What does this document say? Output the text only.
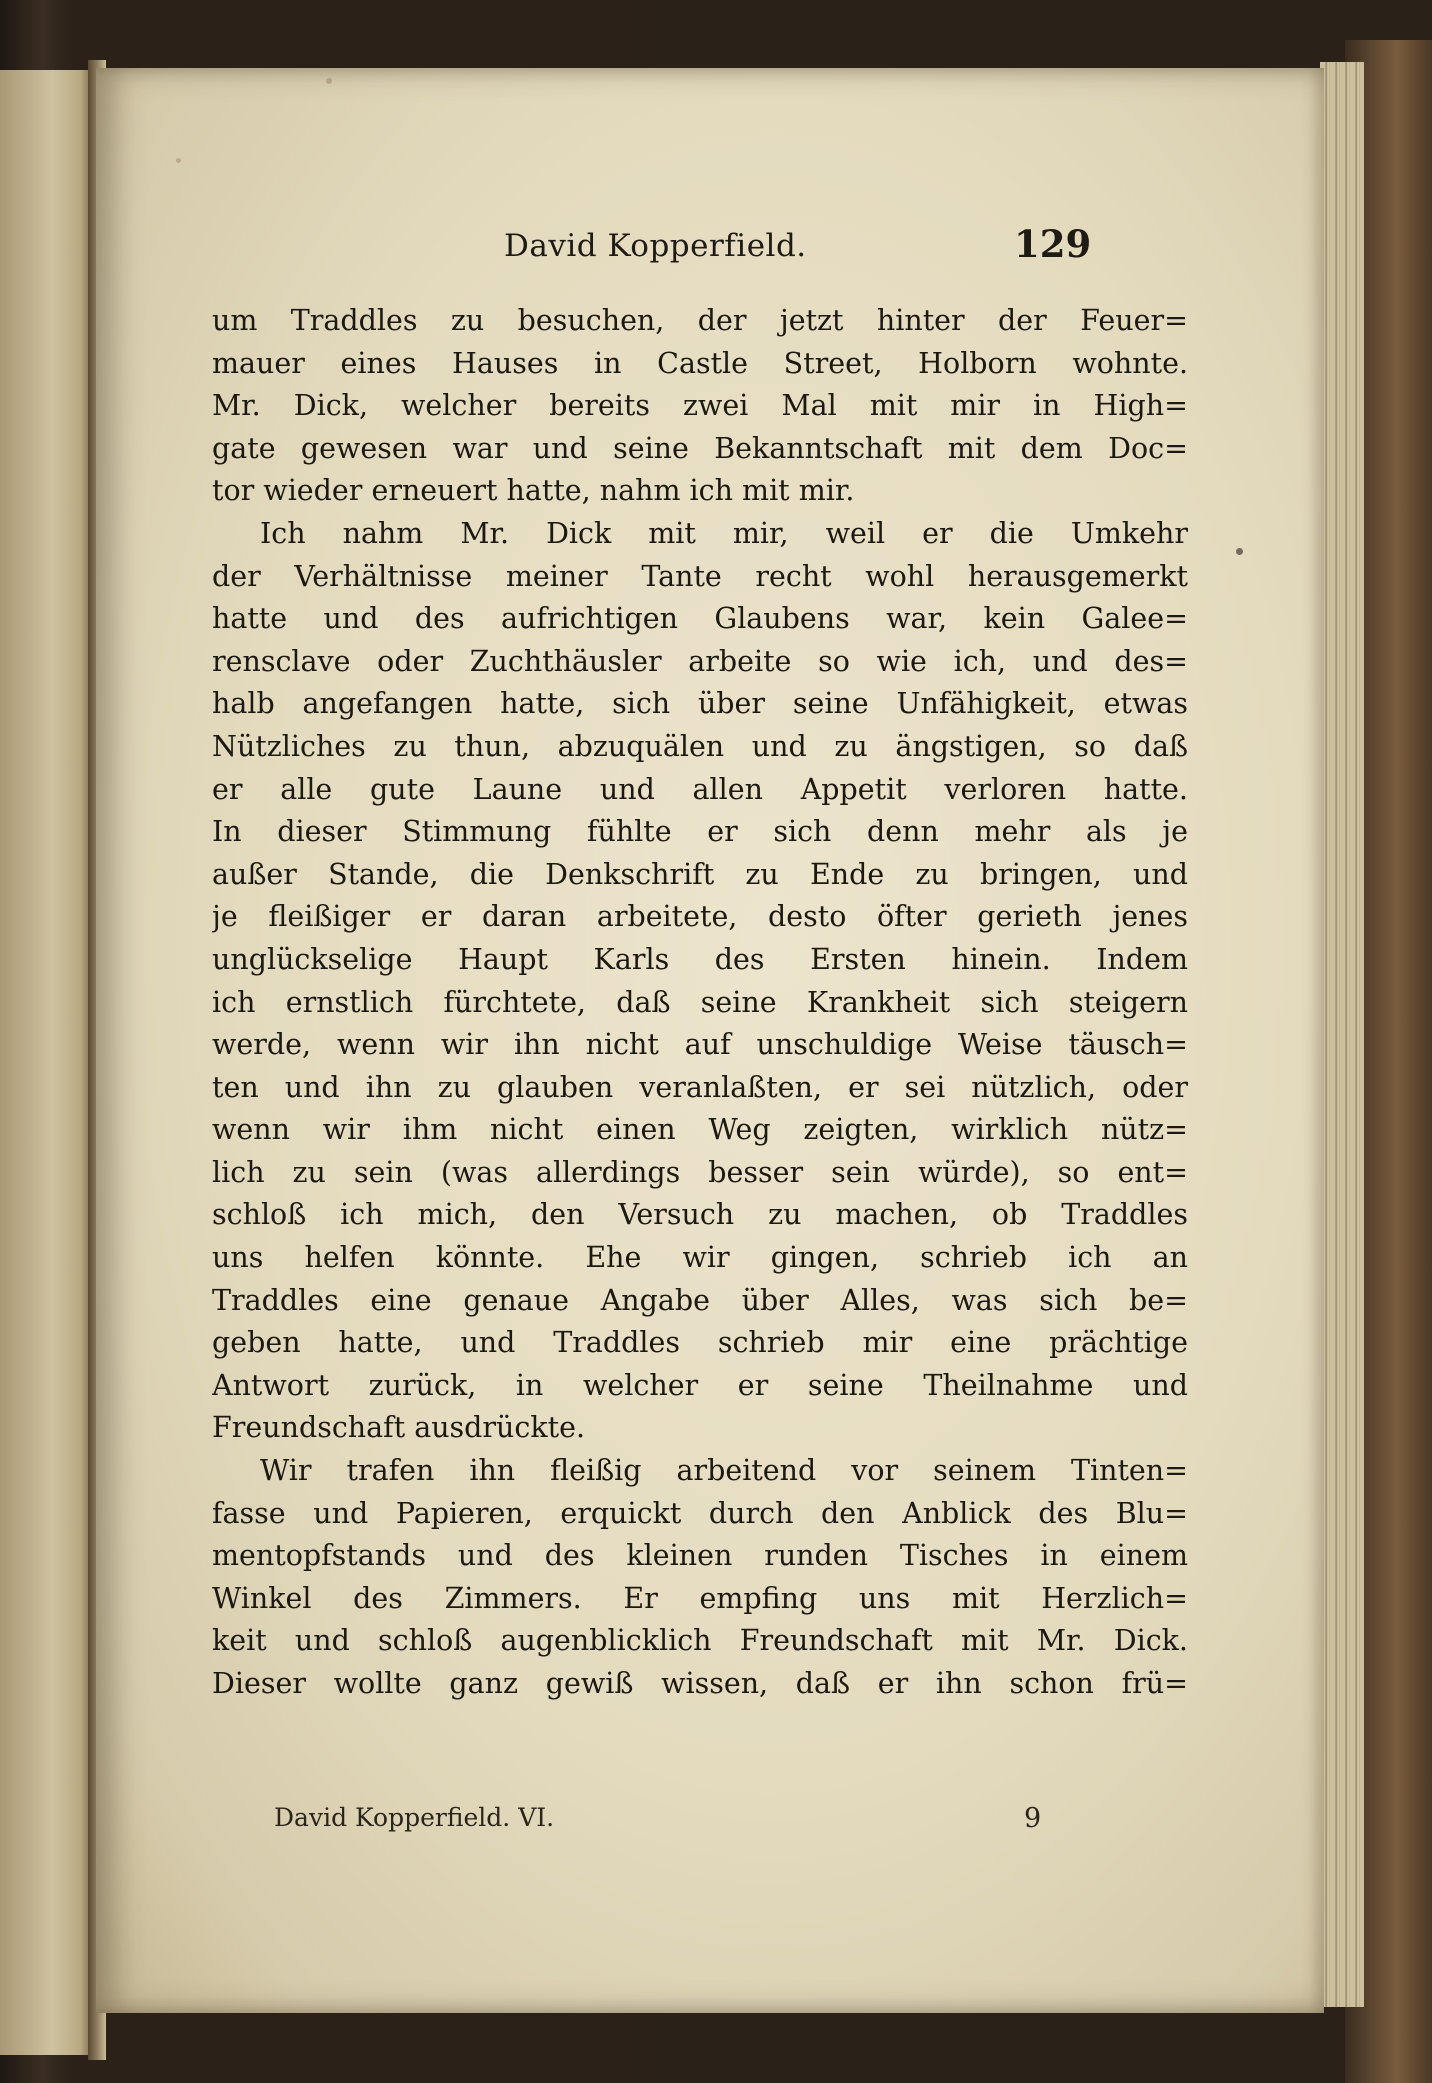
David Kopperfield.	129
um Traddles zu besuchen, der jetzt hinter der Feuer=
mauer eines Hauses in Castle Street, Holborn wohnte.
Mr. Dick, welcher bereits zwei Mal mit mir in High=
gate gewesen war und seine Bekanntschaft mit dem Doc=
tor wieder erneuert hatte, nahm ich mit mir.
Ich nahm Mr. Dick mit mir, weil er die Umkehr
der Verhältnisse meiner Tante recht wohl herausgemerkt
hatte und des aufrichtigen Glaubens war, kein Galee=
rensclave oder Zuchthäusler arbeite so wie ich, und des=
halb angefangen hatte, sich über seine Unfähigkeit, etwas
Nützliches zu thun, abzuquälen und zu ängstigen, so daß
er alle gute Laune und allen Appetit verloren hatte.
In dieser Stimmung fühlte er sich denn mehr als je
außer Stande, die Denkschrift zu Ende zu bringen, und
je fleißiger er daran arbeitete, desto öfter gerieth jenes
unglückselige Haupt Karls des Ersten hinein. Indem
ich ernstlich fürchtete, daß seine Krankheit sich steigern
werde, wenn wir ihn nicht auf unschuldige Weise täusch=
ten und ihn zu glauben veranlaßten, er sei nützlich, oder
wenn wir ihm nicht einen Weg zeigten, wirklich nütz=
lich zu sein (was allerdings besser sein würde), so ent=
schloß ich mich, den Versuch zu machen, ob Traddles
uns helfen könnte. Ehe wir gingen, schrieb ich an
Traddles eine genaue Angabe über Alles, was sich be=
geben hatte, und Traddles schrieb mir eine prächtige
Antwort zurück, in welcher er seine Theilnahme und
Freundschaft ausdrückte.
Wir trafen ihn fleißig arbeitend vor seinem Tinten=
fasse und Papieren, erquickt durch den Anblick des Blu=
mentopfstands und des kleinen runden Tisches in einem
Winkel des Zimmers. Er empfing uns mit Herzlich=
keit und schloß augenblicklich Freundschaft mit Mr. Dick.
Dieser wollte ganz gewiß wissen, daß er ihn schon frü=
David Kopperfield. VI.	9
